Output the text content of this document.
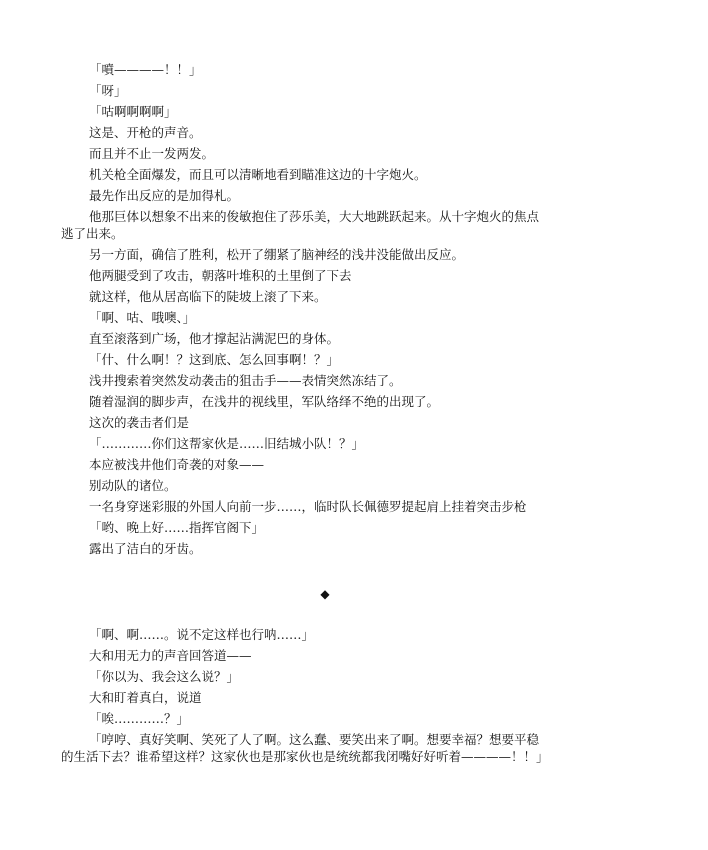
「噴————！！」
「呀」
「咕啊啊啊啊」
这是、开枪的声音。
而且并不止一发两发。
机关枪全面爆发，而且可以清晰地看到瞄准这边的十字炮火。
最先作出反应的是加得札。
他那巨体以想象不出来的俊敏抱住了莎乐美，大大地跳跃起来。从十字炮火的焦点逃了出来。
另一方面，确信了胜利，松开了绷紧了脑神经的浅井没能做出反应。
他两腿受到了攻击，朝落叶堆积的土里倒了下去
就这样，他从居高临下的陡坡上滚了下来。
「啊、咕、哦噢、」
直至滚落到广场，他才撑起沾满泥巴的身体。
「什、什么啊！？这到底、怎么回事啊！？」
浅井搜索着突然发动袭击的狙击手——表情突然冻结了。
随着湿润的脚步声，在浅井的视线里，军队络绎不绝的出现了。
这次的袭击者们是
「…………你们这帮家伙是……旧结城小队！？」
本应被浅井他们奇袭的对象——
别动队的诸位。
一名身穿迷彩服的外国人向前一步……，临时队长佩德罗提起肩上挂着突击步枪
「哟、晚上好……指挥官阁下」
露出了洁白的牙齿。
◆
「啊、啊……。说不定这样也行呐……」
大和用无力的声音回答道——
「你以为、我会这么说？」
大和盯着真白，说道
「唉…………？」
「哼哼、真好笑啊、笑死了人了啊。这么蠢、要笑出来了啊。想要幸福？想要平稳的生活下去？谁希望这样？这家伙也是那家伙也是统统都我闭嘴好好听着————！！」
